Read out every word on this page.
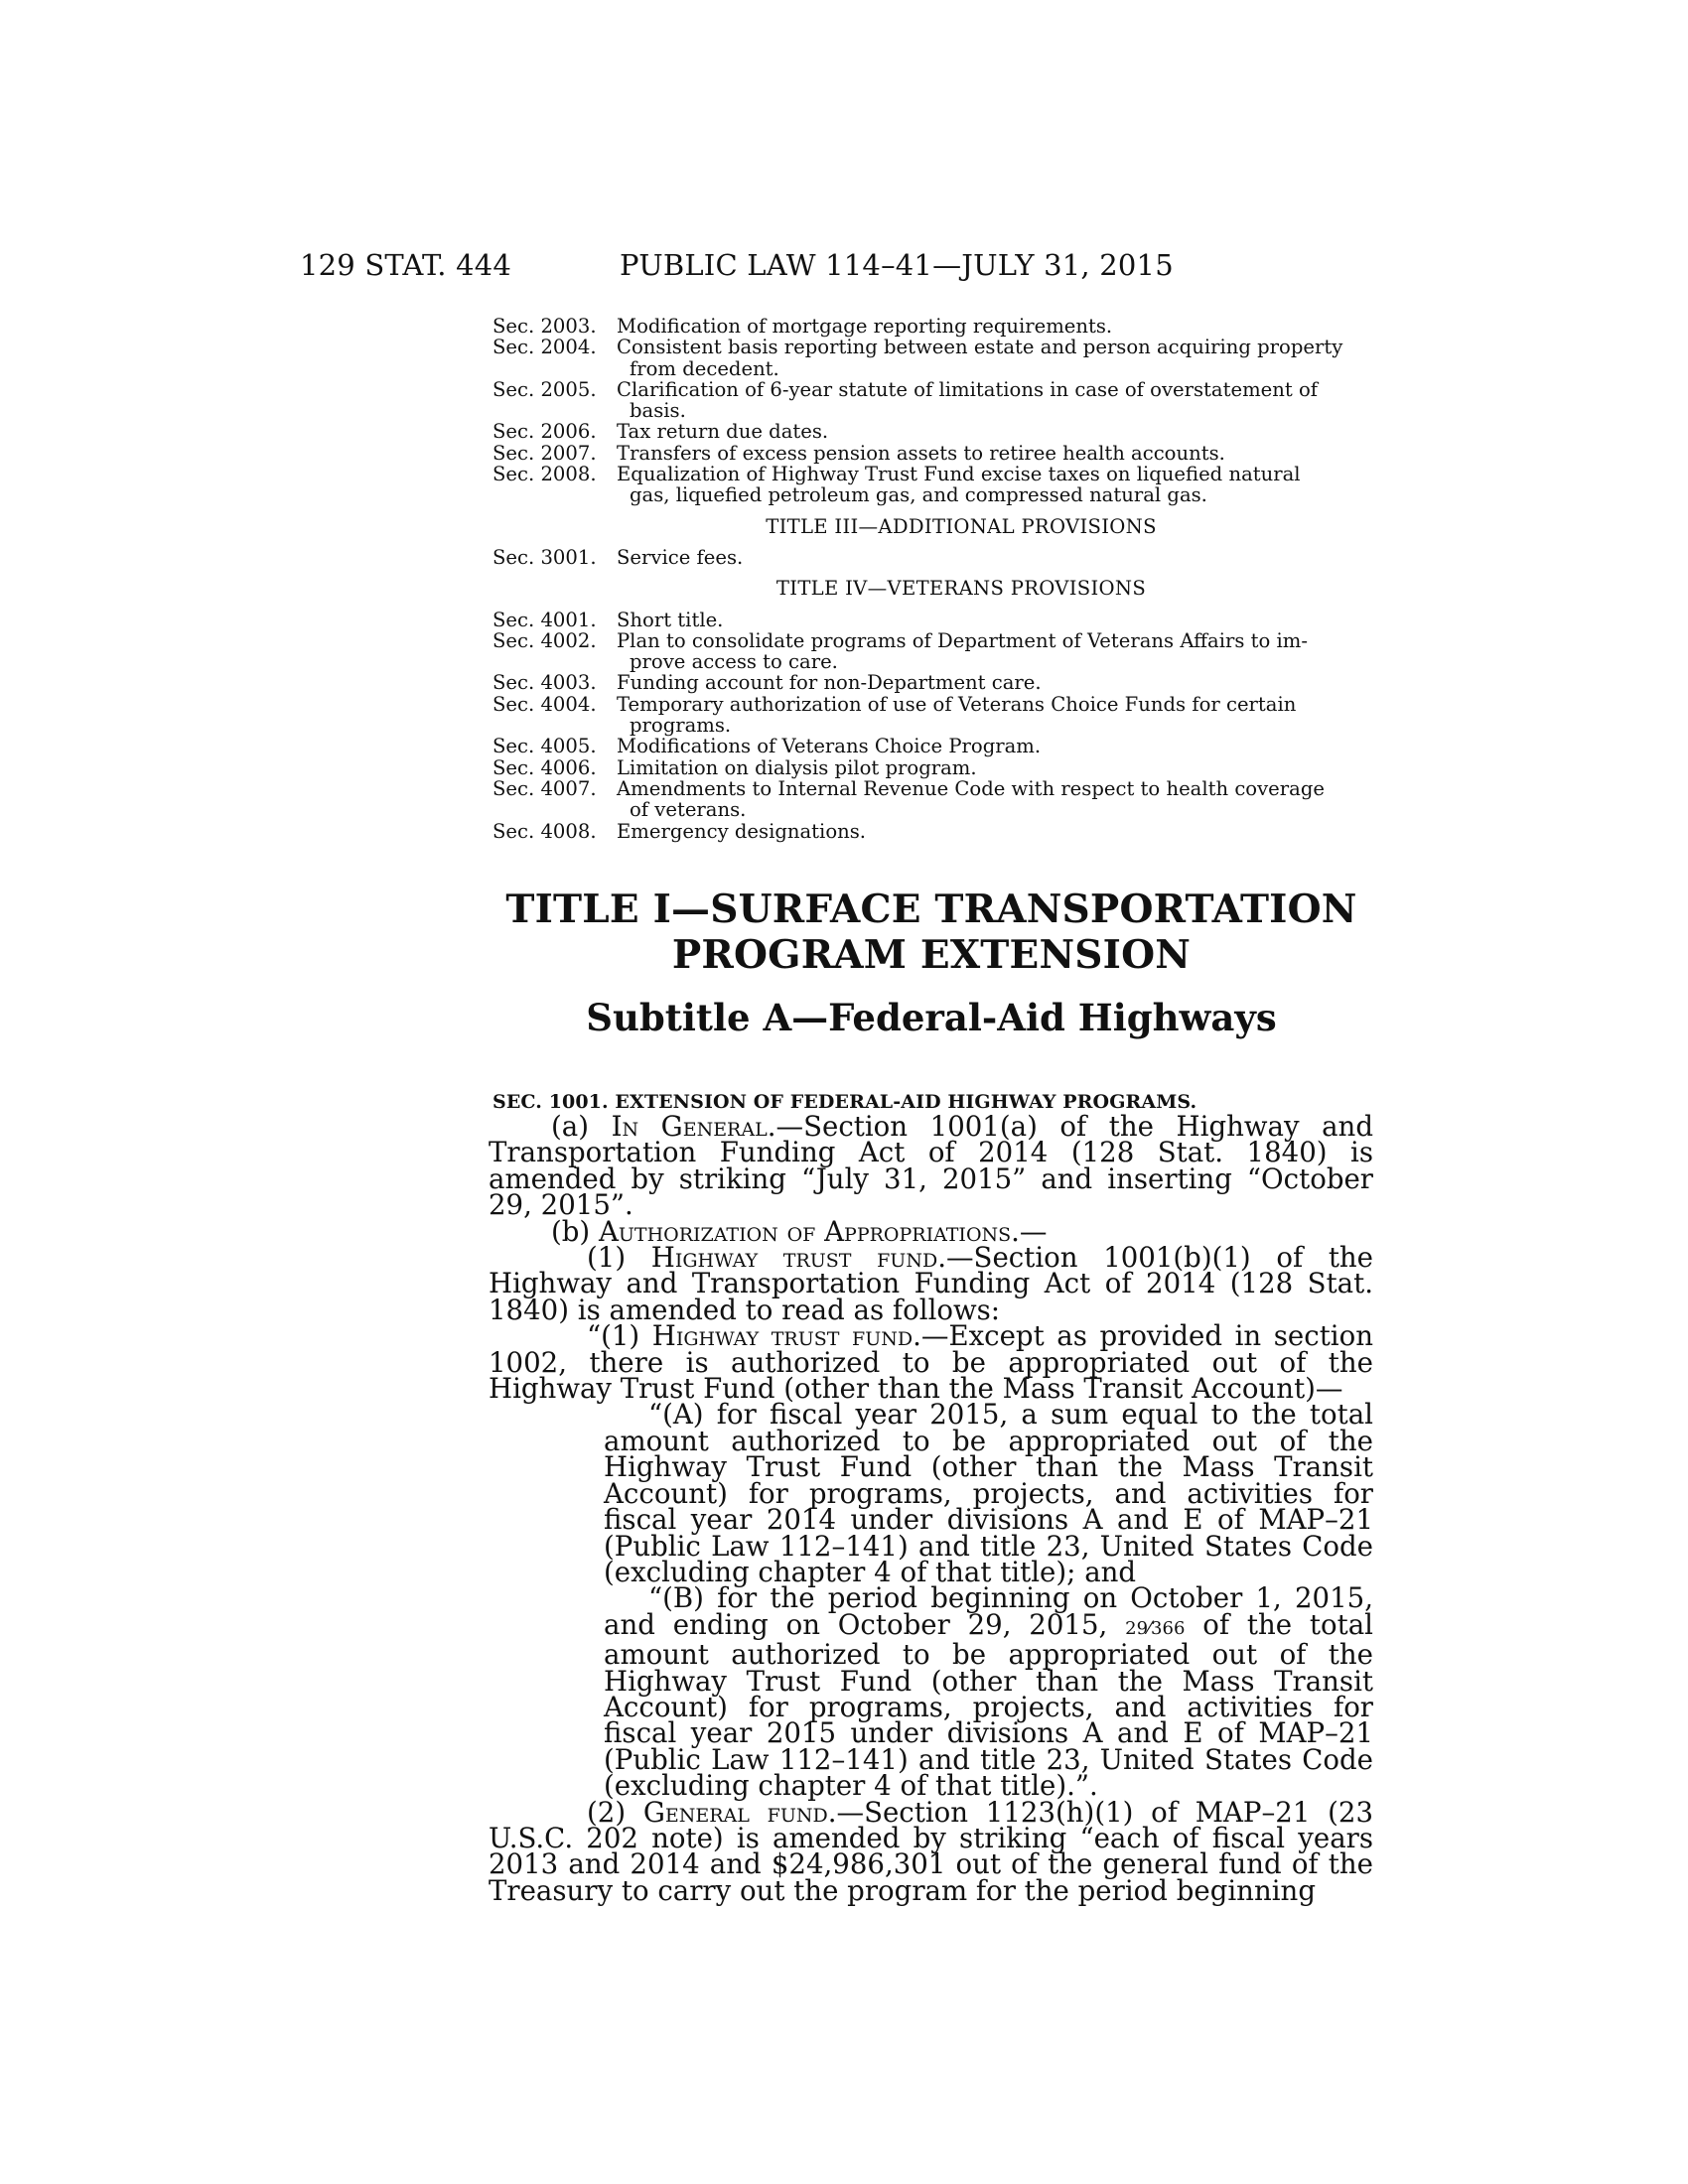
129 STAT. 444	PUBLIC LAW 114–41—JULY 31, 2015
Sec. 2003. Modification of mortgage reporting requirements.
Sec. 2004. Consistent basis reporting between estate and person acquiring property
from decedent.
Sec. 2005. Clarification of 6-year statute of limitations in case of overstatement of
basis.
Sec. 2006. Tax return due dates.
Sec. 2007. Transfers of excess pension assets to retiree health accounts.
Sec. 2008. Equalization of Highway Trust Fund excise taxes on liquefied natural
gas, liquefied petroleum gas, and compressed natural gas.
TITLE III—ADDITIONAL PROVISIONS
Sec. 3001. Service fees.
TITLE IV—VETERANS PROVISIONS
Sec. 4001. Short title.
Sec. 4002. Plan to consolidate programs of Department of Veterans Affairs to im-
prove access to care.
Sec. 4003. Funding account for non-Department care.
Sec. 4004. Temporary authorization of use of Veterans Choice Funds for certain
programs.
Sec. 4005. Modifications of Veterans Choice Program.
Sec. 4006. Limitation on dialysis pilot program.
Sec. 4007. Amendments to Internal Revenue Code with respect to health coverage
of veterans.
Sec. 4008. Emergency designations.
TITLE I—SURFACE TRANSPORTATION
PROGRAM EXTENSION
Subtitle A—Federal-Aid Highways
SEC. 1001. EXTENSION OF FEDERAL-AID HIGHWAY PROGRAMS.

(a) In General.—Section 1001(a) of the Highway and Transportation Funding Act of 2014 (128 Stat. 1840) is amended by striking “July 31, 2015” and inserting “October 29, 2015”.

(b) Authorization of Appropriations.—

(1) Highway trust fund.—Section 1001(b)(1) of the Highway and Transportation Funding Act of 2014 (128 Stat. 1840) is amended to read as follows:

“(1) Highway trust fund.—Except as provided in section 1002, there is authorized to be appropriated out of the Highway Trust Fund (other than the Mass Transit Account)—

“(A) for fiscal year 2015, a sum equal to the total amount authorized to be appropriated out of the Highway Trust Fund (other than the Mass Transit Account) for programs, projects, and activities for fiscal year 2014 under divisions A and E of MAP–21 (Public Law 112–141) and title 23, United States Code (excluding chapter 4 of that title); and

“(B) for the period beginning on October 1, 2015, and ending on October 29, 2015, 29⁄366 of the total amount authorized to be appropriated out of the Highway Trust Fund (other than the Mass Transit Account) for programs, projects, and activities for fiscal year 2015 under divisions A and E of MAP–21 (Public Law 112–141) and title 23, United States Code (excluding chapter 4 of that title).”.

(2) General fund.—Section 1123(h)(1) of MAP–21 (23 U.S.C. 202 note) is amended by striking “each of fiscal years 2013 and 2014 and $24,986,301 out of the general fund of the Treasury to carry out the program for the period beginning
